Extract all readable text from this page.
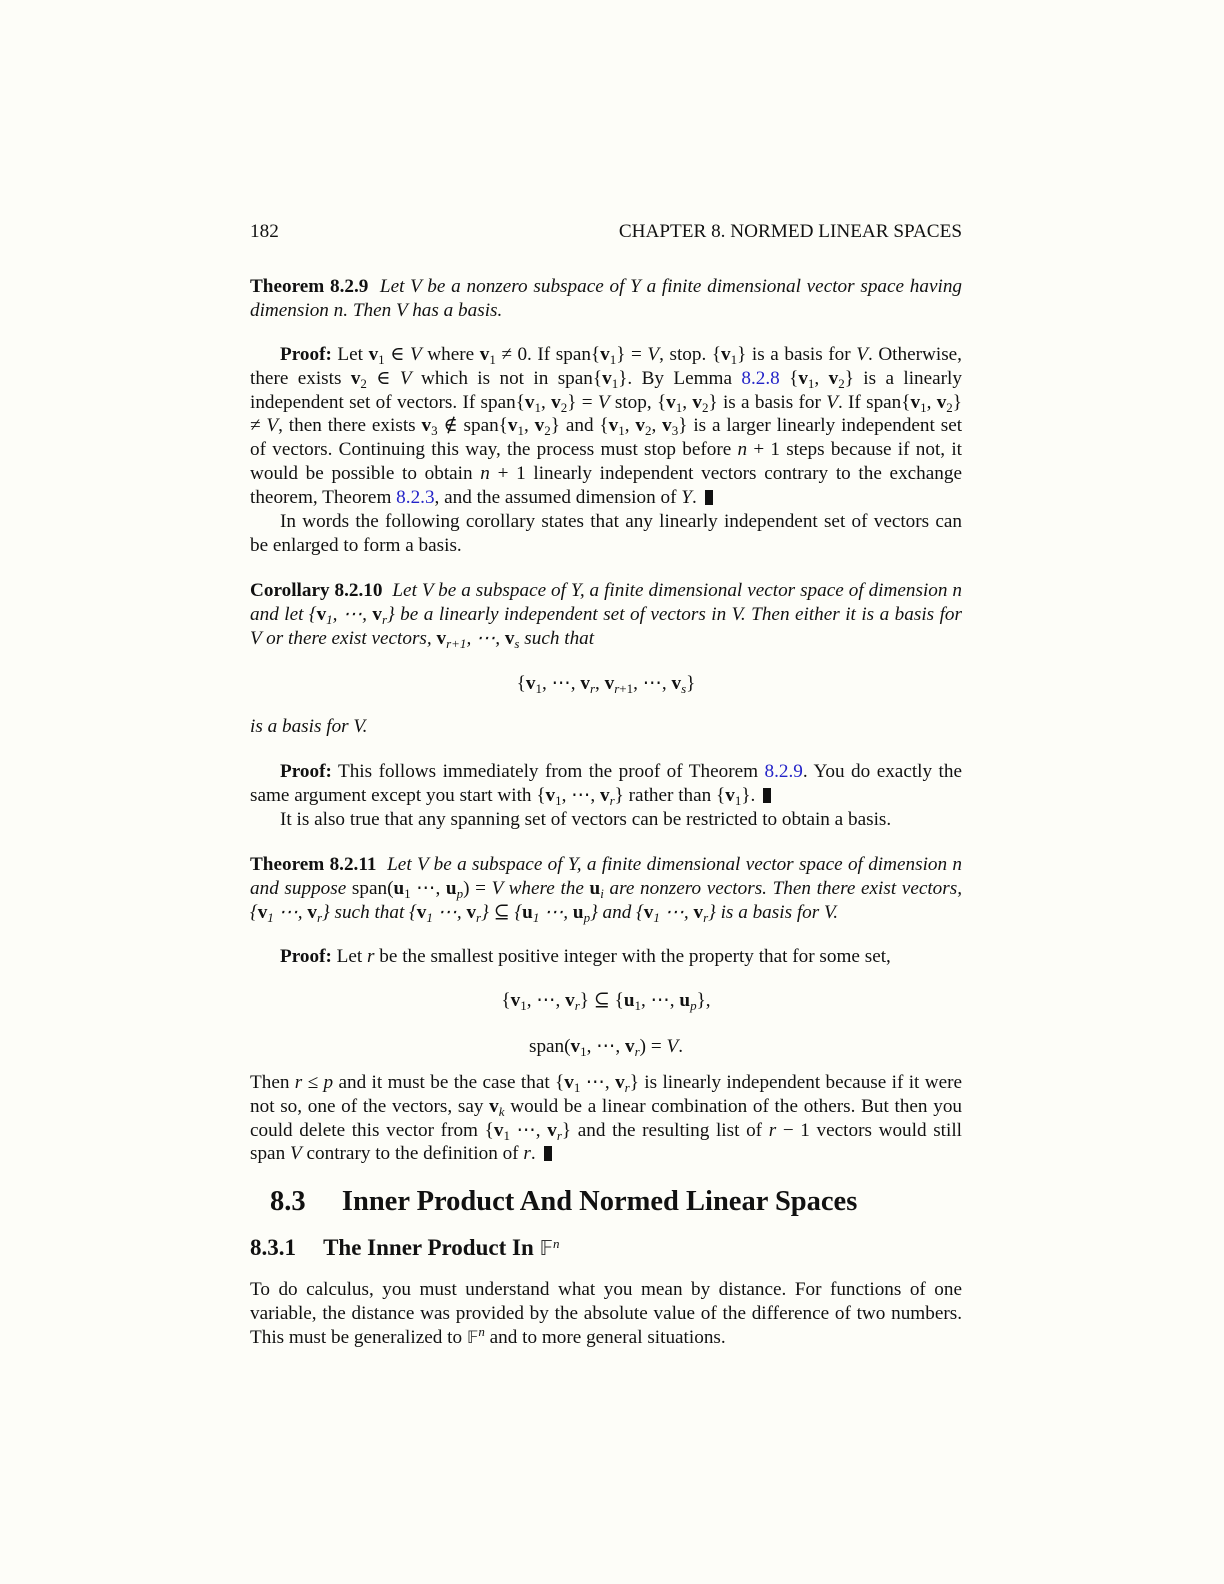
182	CHAPTER 8. NORMED LINEAR SPACES
Theorem 8.2.9 Let V be a nonzero subspace of Y a finite dimensional vector space having dimension n. Then V has a basis.
Proof: Let $v_1$ ∈ V where $v_1 \ne 0$. If $span\{v_1\} = V$, stop. $\{v_1\}$ is a basis for V. Otherwise, there exists $v_2$ ∈ V which is not in $span\{v_1\}$. By Lemma 8.2.8 {$v_1$, $v_2$} is a linearly independent set of vectors. If $span\{v_1$, $v_2\} = V$ stop, {$v_1$, $v_2$} is a basis for V. If $span\{v_1$, $v_2\} \ne V$, then there exists $v_3$ ∉ $span\{v_1$, $v_2$} and {$v_1$, $v_2$, $v_3$} is a larger linearly independent set of vectors. Continuing this way, the process must stop before n + 1 steps because if not, it would be possible to obtain n + 1 linearly independent vectors contrary to the exchange theorem, Theorem 8.2.3, and the assumed dimension of Y.
In words the following corollary states that any linearly independent set of vectors can be enlarged to form a basis.
Corollary 8.2.10 Let V be a subspace of Y, a finite dimensional vector space of dimension n and let {$v_1$, ⋯, $v_r$} be a linearly independent set of vectors in V. Then either it is a basis for V or there exist vectors, $v_{r+1}$, ⋯, $v_s$ such that
{$v_1$, ⋯, $v_r$, $v_{r+1}$, ⋯, $v_s$}
is a basis for V.
Proof: This follows immediately from the proof of Theorem 8.2.9. You do exactly the same argument except you start with {$v_1$, ⋯, $v_r$} rather than $\{v_1\}$.
It is also true that any spanning set of vectors can be restricted to obtain a basis.
Theorem 8.2.11 Let V be a subspace of Y, a finite dimensional vector space of dimension n and suppose $span(u_1$ ⋯, $u_p) = V$ where the $u_i$ are nonzero vectors. Then there exist vectors, {$v_1$ ⋯, $v_r$} such that {$v_1$ ⋯, $v_r$} ⊆ {$u_1$ ⋯, $u_p$} and {$v_1$ ⋯, $v_r$} is a basis for V.
Proof: Let r be the smallest positive integer with the property that for some set,
{$v_1$, ⋯, $v_r$} ⊆ {$u_1$, ⋯, $u_p$},
$span(v_1$, ⋯, $v_r) = V$.
Then r ≤ p and it must be the case that {$v_1$ ⋯, $v_r$} is linearly independent because if it were not so, one of the vectors, say $v_k$ would be a linear combination of the others. But then you could delete this vector from {$v_1$ ⋯, $v_r$} and the resulting list of r − 1 vectors would still span V contrary to the definition of r.
8.3 Inner Product And Normed Linear Spaces
8.3.1 The Inner Product In 𝔽$^n$
To do calculus, you must understand what you mean by distance. For functions of one variable, the distance was provided by the absolute value of the difference of two numbers. This must be generalized to 𝔽$^n$ and to more general situations.
